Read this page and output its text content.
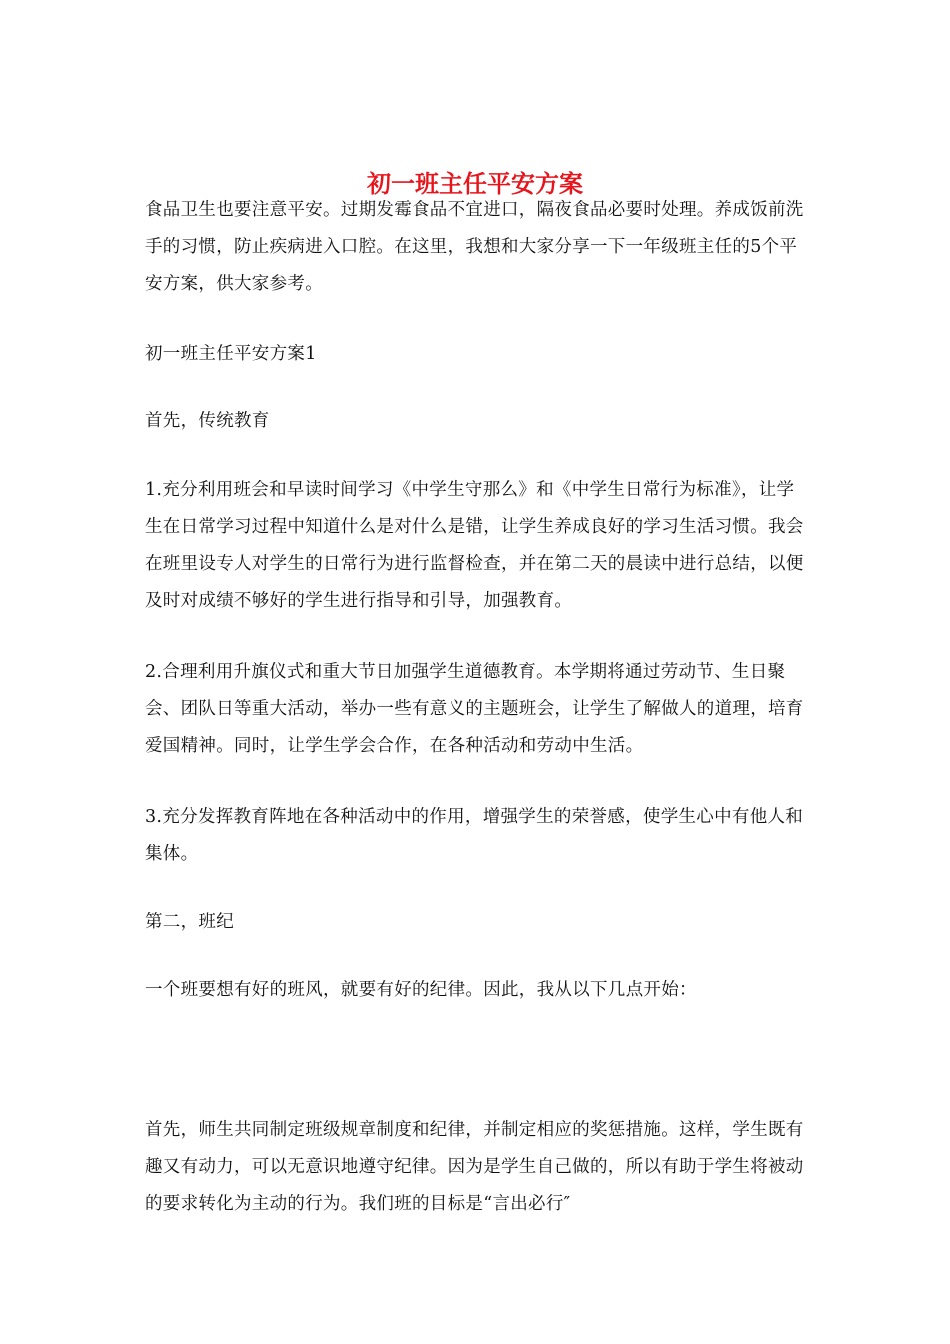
初一班主任平安方案

食品卫生也要注意平安。过期发霉食品不宜进口，隔夜食品必要时处理。养成饭前洗手的习惯，防止疾病进入口腔。在这里，我想和大家分享一下一年级班主任的5个平安方案，供大家参考。

初一班主任平安方案1

首先，传统教育

1.充分利用班会和早读时间学习《中学生守那么》和《中学生日常行为标准》，让学生在日常学习过程中知道什么是对什么是错，让学生养成良好的学习生活习惯。我会在班里设专人对学生的日常行为进行监督检查，并在第二天的晨读中进行总结，以便及时对成绩不够好的学生进行指导和引导，加强教育。

2.合理利用升旗仪式和重大节日加强学生道德教育。本学期将通过劳动节、生日聚会、团队日等重大活动，举办一些有意义的主题班会，让学生了解做人的道理，培育爱国精神。同时，让学生学会合作，在各种活动和劳动中生活。

3.充分发挥教育阵地在各种活动中的作用，增强学生的荣誉感，使学生心中有他人和集体。

第二，班纪

一个班要想有好的班风，就要有好的纪律。因此，我从以下几点开始：

首先，师生共同制定班级规章制度和纪律，并制定相应的奖惩措施。这样，学生既有趣又有动力，可以无意识地遵守纪律。因为是学生自己做的，所以有助于学生将被动的要求转化为主动的行为。我们班的目标是“言出必行″
